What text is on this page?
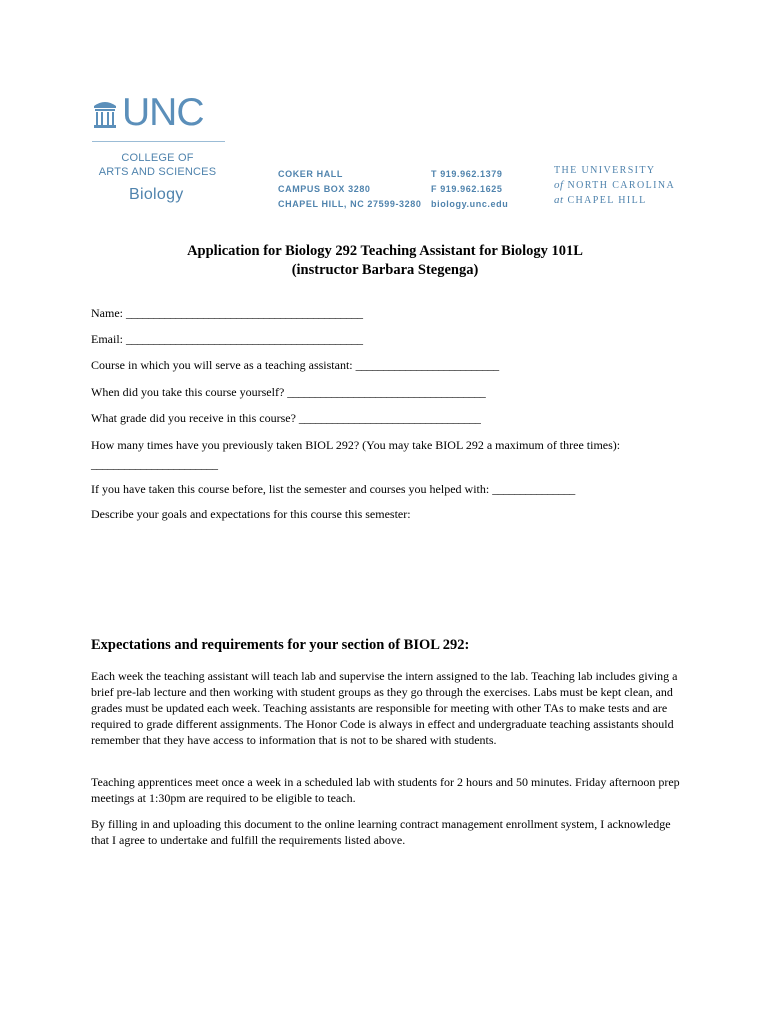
UNC
COLLEGE OF
ARTS AND SCIENCES
Biology
COKER HALL
CAMPUS BOX 3280
CHAPEL HILL, NC 27599-3280
T 919.962.1379
F 919.962.1625
biology.unc.edu
THE UNIVERSITY
of NORTH CAROLINA
at CHAPEL HILL
Application for Biology 292 Teaching Assistant for Biology 101L
(instructor Barbara Stegenga)
Name: ___________________________________________
Email: ___________________________________________
Course in which you will serve as a teaching assistant: __________________________
When did you take this course yourself? ____________________________________
What grade did you receive in this course? _________________________________
How many times have you previously taken BIOL 292? (You may take BIOL 292 a maximum of three times):
_______________________
If you have taken this course before, list the semester and courses you helped with: _______________
Describe your goals and expectations for this course this semester:
Expectations and requirements for your section of BIOL 292:

Each week the teaching assistant will teach lab and supervise the intern assigned to the lab. Teaching lab includes giving a brief pre-lab lecture and then working with student groups as they go through the exercises. Labs must be kept clean, and grades must be updated each week. Teaching assistants are responsible for meeting with other TAs to make tests and are required to grade different assignments. The Honor Code is always in effect and undergraduate teaching assistants should remember that they have access to information that is not to be shared with students.

Teaching apprentices meet once a week in a scheduled lab with students for 2 hours and 50 minutes. Friday afternoon prep meetings at 1:30pm are required to be eligible to teach.

By filling in and uploading this document to the online learning contract management enrollment system, I acknowledge that I agree to undertake and fulfill the requirements listed above.
